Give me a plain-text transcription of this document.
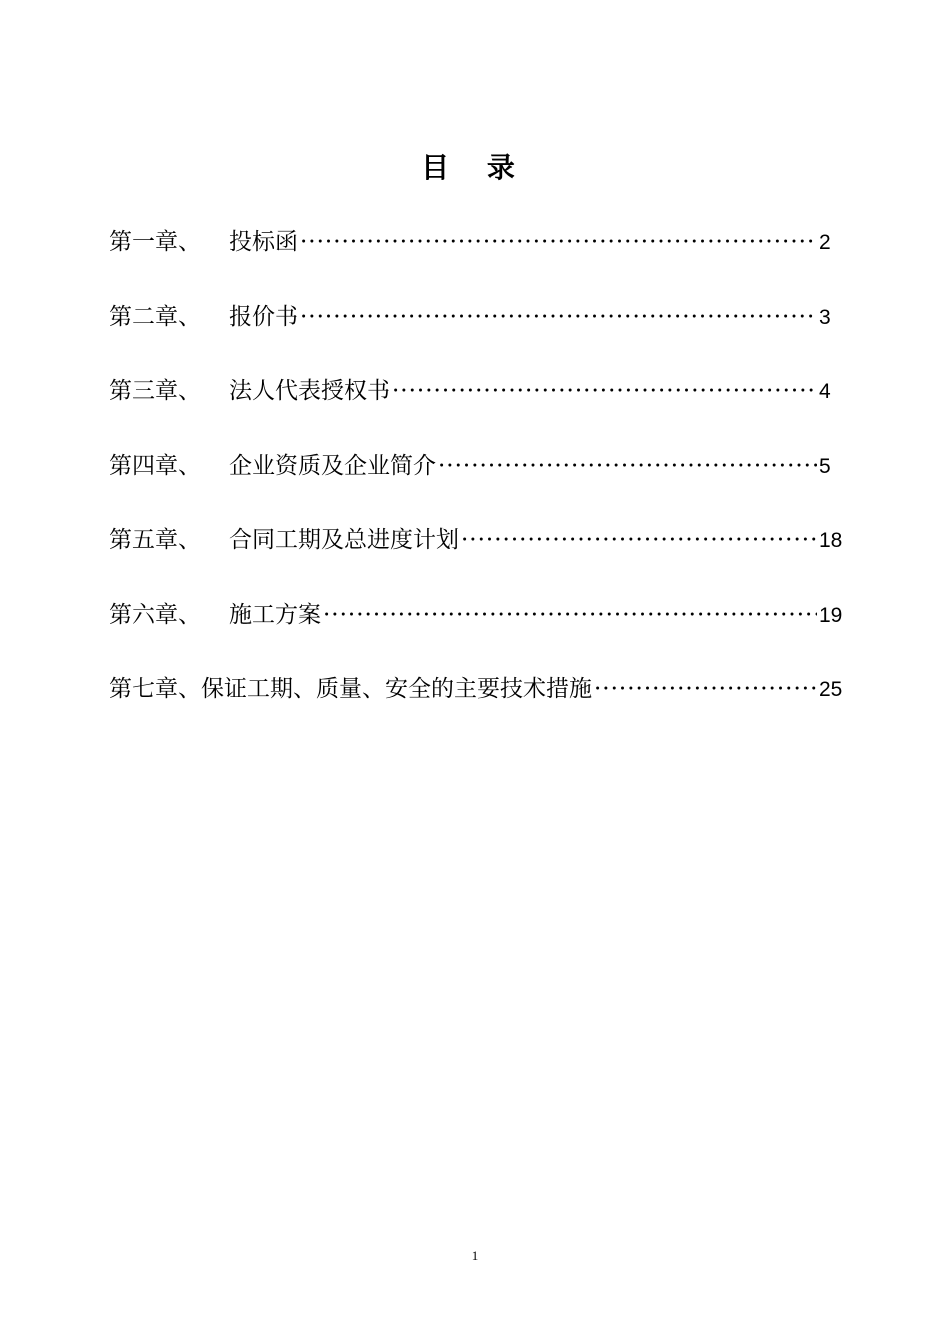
目 录
第一章、 投标函 ·····	2
第二章、 报价书 ·····	3
第三章、 法人代表授权书 ·····	4
第四章、 企业资质及企业简介 ·····	5
第五章、 合同工期及总进度计划 ·····	18
第六章、 施工方案 ·····	19
第七章、 保证工期、质量、安全的主要技术措施 ·····	25
1
